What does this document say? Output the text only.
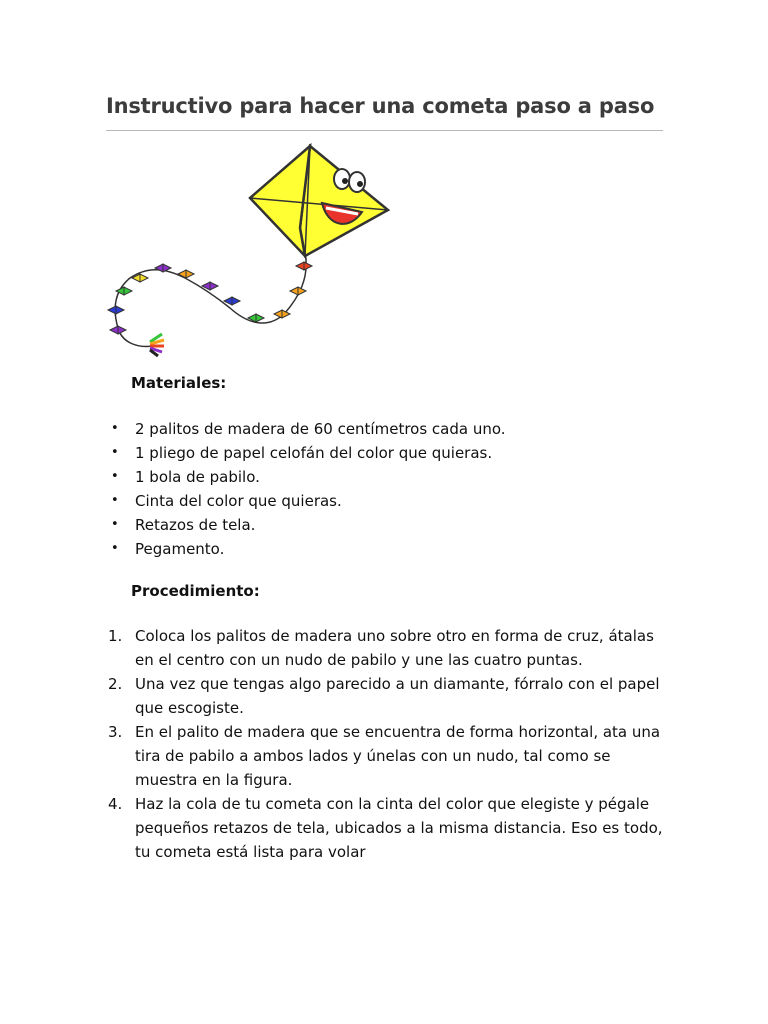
Instructivo para hacer una cometa paso a paso
Materiales:
• 2 palitos de madera de 60 centímetros cada uno.
• 1 pliego de papel celofán del color que quieras.
• 1 bola de pabilo.
• Cinta del color que quieras.
• Retazos de tela.
• Pegamento.
Procedimiento:
1. Coloca los palitos de madera uno sobre otro en forma de cruz, átalas en el centro con un nudo de pabilo y une las cuatro puntas.
2. Una vez que tengas algo parecido a un diamante, fórralo con el papel que escogiste.
3. En el palito de madera que se encuentra de forma horizontal, ata una tira de pabilo a ambos lados y únelas con un nudo, tal como se muestra en la figura.
4. Haz la cola de tu cometa con la cinta del color que elegiste y pégale pequeños retazos de tela, ubicados a la misma distancia. Eso es todo, tu cometa está lista para volar
